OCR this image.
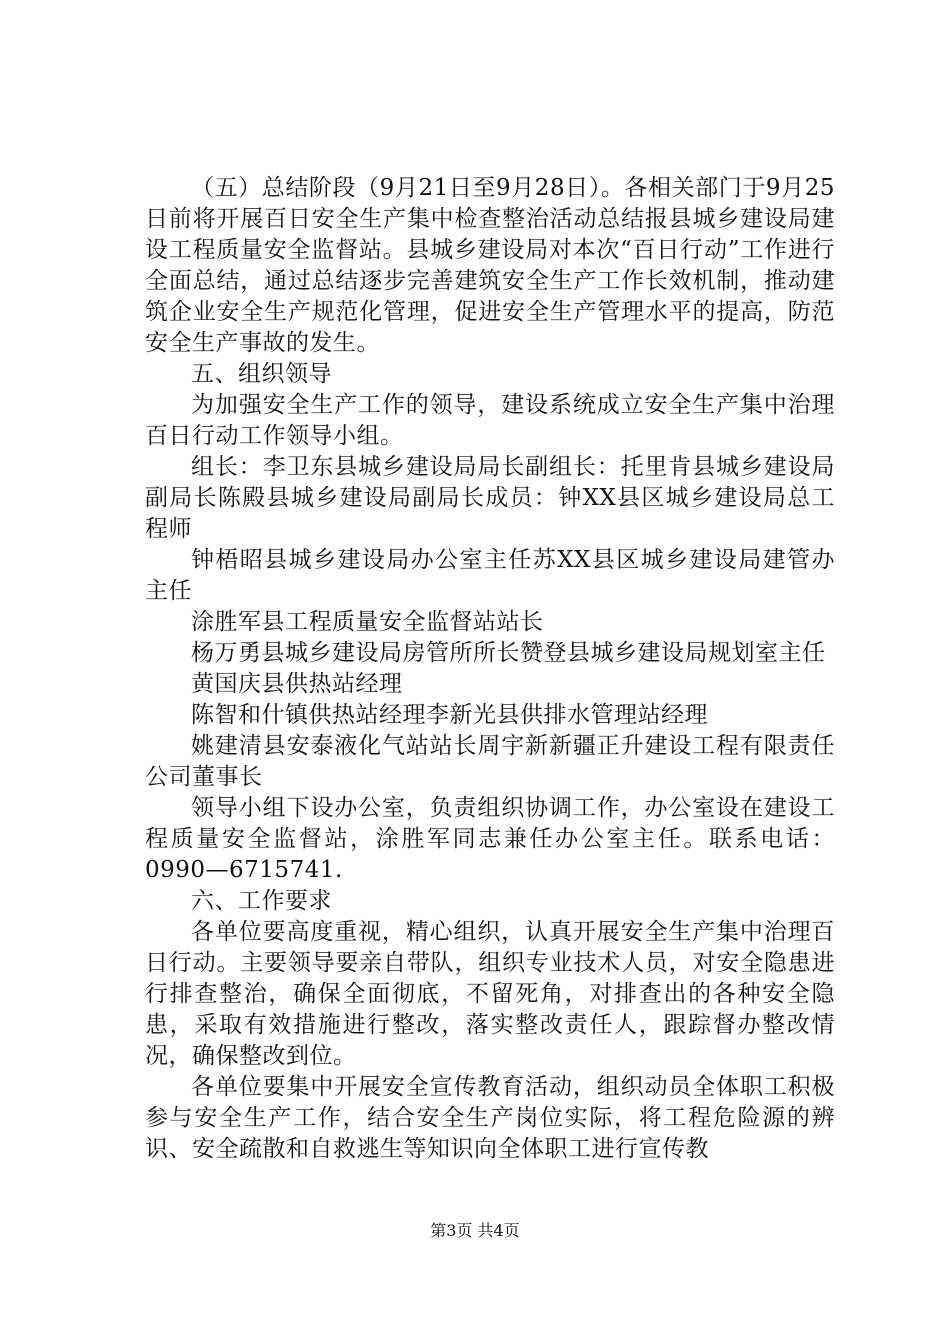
（五）总结阶段（9月21日至9月28日）。各相关部门于9月25日前将开展百日安全生产集中检查整治活动总结报县城乡建设局建设工程质量安全监督站。县城乡建设局对本次“百日行动”工作进行全面总结，通过总结逐步完善建筑安全生产工作长效机制，推动建筑企业安全生产规范化管理，促进安全生产管理水平的提高，防范安全生产事故的发生。

五、组织领导

为加强安全生产工作的领导，建设系统成立安全生产集中治理百日行动工作领导小组。

组长：李卫东县城乡建设局局长副组长：托里肯县城乡建设局副局长陈殿县城乡建设局副局长成员：钟XX县区城乡建设局总工程师

钟梧昭县城乡建设局办公室主任苏XX县区城乡建设局建管办主任

涂胜军县工程质量安全监督站站长

杨万勇县城乡建设局房管所所长赞登县城乡建设局规划室主任

黄国庆县供热站经理

陈智和什镇供热站经理李新光县供排水管理站经理

姚建清县安泰液化气站站长周宇新新疆正升建设工程有限责任公司董事长

领导小组下设办公室，负责组织协调工作，办公室设在建设工程质量安全监督站，涂胜军同志兼任办公室主任。联系电话：0990—6715741.

六、工作要求

各单位要高度重视，精心组织，认真开展安全生产集中治理百日行动。主要领导要亲自带队，组织专业技术人员，对安全隐患进行排查整治，确保全面彻底，不留死角，对排查出的各种安全隐患，采取有效措施进行整改，落实整改责任人，跟踪督办整改情况，确保整改到位。

各单位要集中开展安全宣传教育活动，组织动员全体职工积极参与安全生产工作，结合安全生产岗位实际，将工程危险源的辨识、安全疏散和自救逃生等知识向全体职工进行宣传教

第3页 共4页
